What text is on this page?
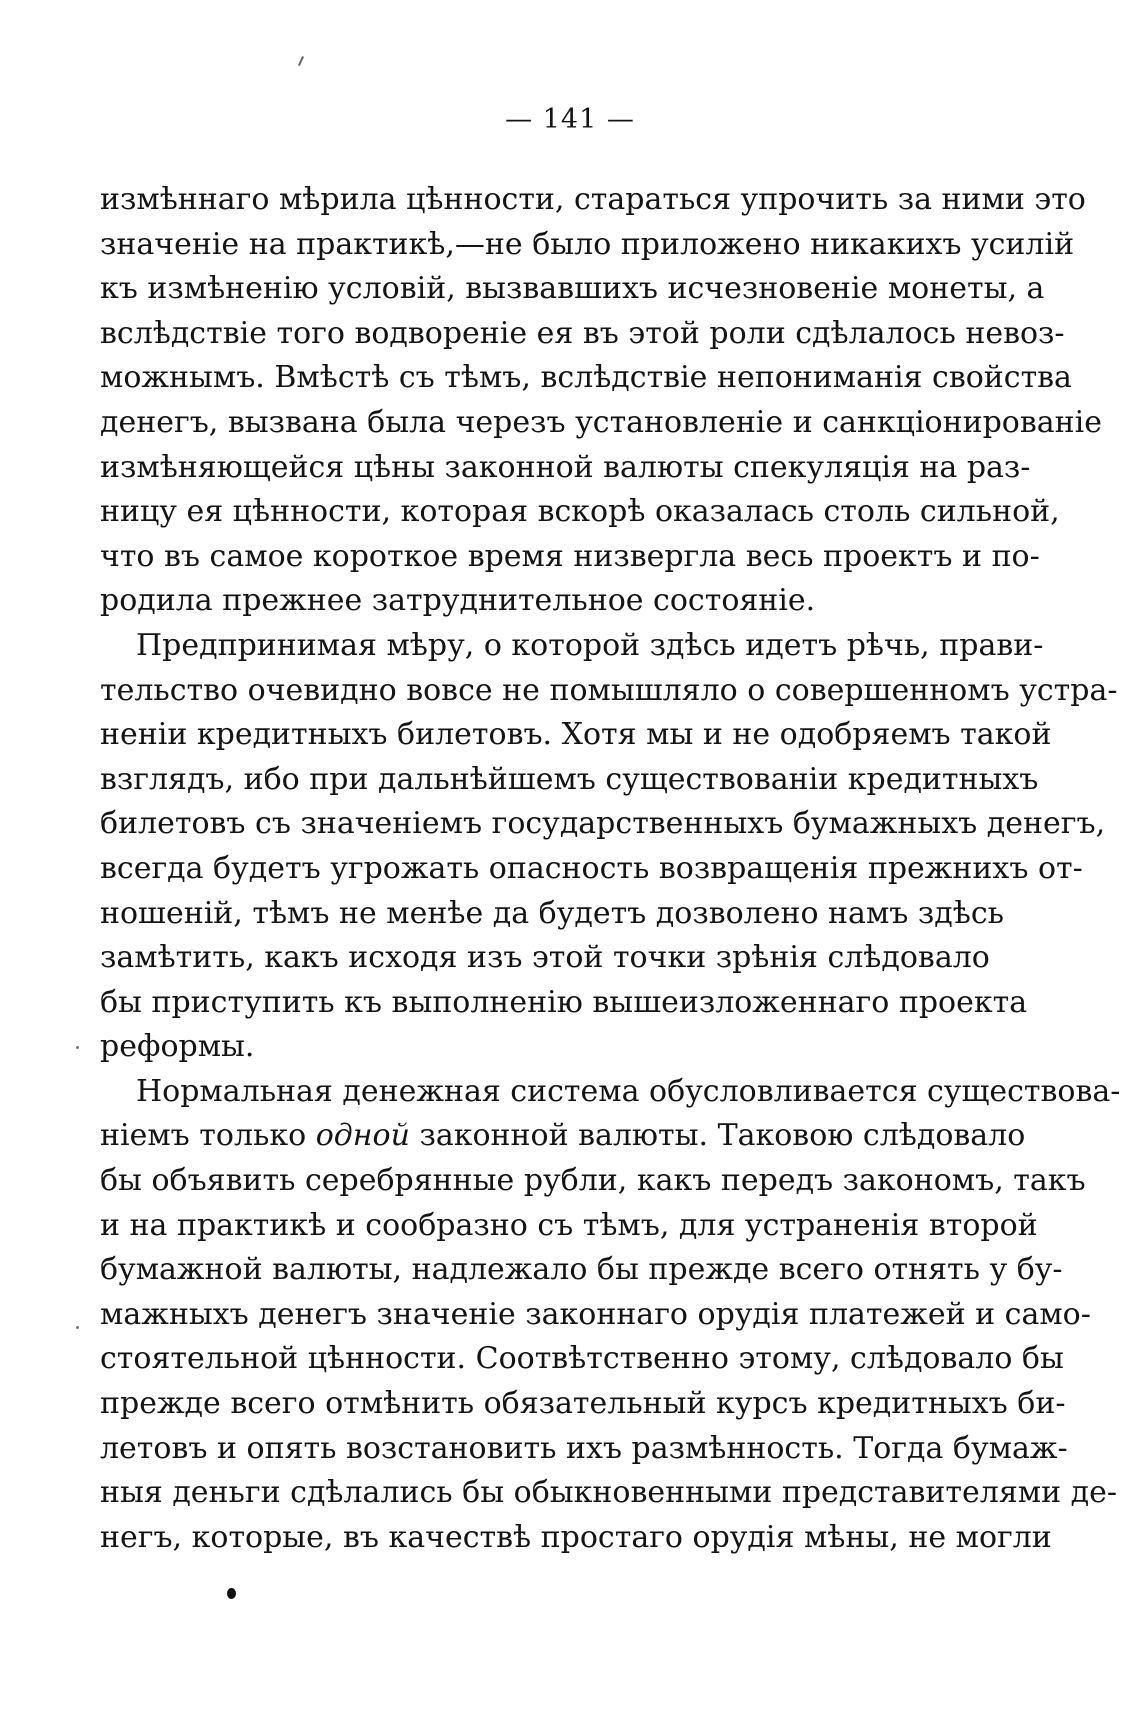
— 141 —
измѣннаго мѣрила цѣнности, стараться упрочить за ними это
значенiе на практикѣ,—не было приложено никакихъ усилiй
къ измѣненiю условiй, вызвавшихъ исчезновенiе монеты, а
вслѣдствiе того водворенiе ея въ этой роли сдѣлалось невоз-
можнымъ. Вмѣстѣ съ тѣмъ, вслѣдствiе непониманiя свойства
денегъ, вызвана была черезъ установленiе и санкцiонированiе
измѣняющейся цѣны законной валюты спекуляцiя на раз-
ницу ея цѣнности, которая вскорѣ оказалась столь сильной,
что въ самое короткое время низвергла весь проектъ и по-
родила прежнее затруднительное состоянiе.
Предпринимая мѣру, о которой здѣсь идетъ рѣчь, прави-
тельство очевидно вовсе не помышляло о совершенномъ устра-
ненiи кредитныхъ билетовъ. Хотя мы и не одобряемъ такой
взглядъ, ибо при дальнѣйшемъ существованiи кредитныхъ
билетовъ съ значенiемъ государственныхъ бумажныхъ денегъ,
всегда будетъ угрожать опасность возвращенiя прежнихъ от-
ношенiй, тѣмъ не менѣе да будетъ дозволено намъ здѣсь
замѣтить, какъ исходя изъ этой точки зрѣнiя слѣдовало
бы приступить къ выполненiю вышеизложеннаго проекта
реформы.
Нормальная денежная система обусловливается существова-
нiемъ только одной законной валюты. Таковою слѣдовало
бы объявить серебрянные рубли, какъ передъ закономъ, такъ
и на практикѣ и сообразно съ тѣмъ, для устраненiя второй
бумажной валюты, надлежало бы прежде всего отнять у бу-
мажныхъ денегъ значенiе законнаго орудiя платежей и само-
стоятельной цѣнности. Соотвѣтственно этому, слѣдовало бы
прежде всего отмѣнить обязательный курсъ кредитныхъ би-
летовъ и опять возстановить ихъ размѣнность. Тогда бумаж-
ныя деньги сдѣлались бы обыкновенными представителями де-
негъ, которые, въ качествѣ простаго орудiя мѣны, не могли
